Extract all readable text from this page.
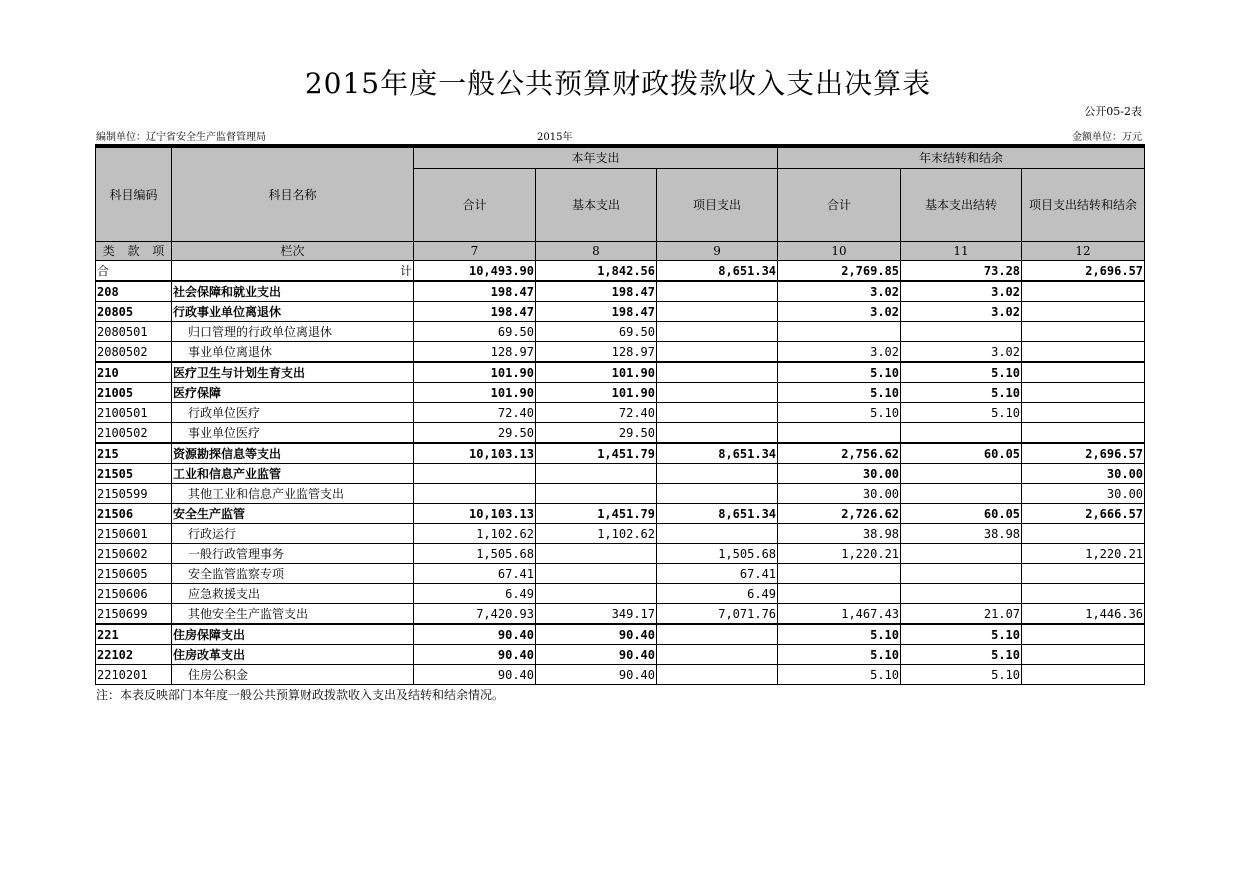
2015年度一般公共预算财政拨款收入支出决算表
公开05-2表
编制单位：辽宁省安全生产监督管理局	2015年	金额单位：万元
科目编码	科目名称	本年支出			年末结转和结余		
		合计	基本支出	项目支出	合计	基本支出结转	项目支出结转和结余
类 款 项	栏次	7	8	9	10	11	12

合	计	10,493.90	1,842.56	8,651.34	2,769.85	73.28	2,696.57
208	社会保障和就业支出	198.47	198.47		3.02	3.02	
20805	行政事业单位离退休	198.47	198.47		3.02	3.02	
2080501	归口管理的行政单位离退休	69.50	69.50				
2080502	事业单位离退休	128.97	128.97		3.02	3.02	
210	医疗卫生与计划生育支出	101.90	101.90		5.10	5.10	
21005	医疗保障	101.90	101.90		5.10	5.10	
2100501	行政单位医疗	72.40	72.40		5.10	5.10	
2100502	事业单位医疗	29.50	29.50				
215	资源勘探信息等支出	10,103.13	1,451.79	8,651.34	2,756.62	60.05	2,696.57
21505	工业和信息产业监管				30.00		30.00
2150599	其他工业和信息产业监管支出				30.00		30.00
21506	安全生产监管	10,103.13	1,451.79	8,651.34	2,726.62	60.05	2,666.57
2150601	行政运行	1,102.62	1,102.62		38.98	38.98	
2150602	一般行政管理事务	1,505.68		1,505.68	1,220.21		1,220.21
2150605	安全监管监察专项	67.41		67.41			
2150606	应急救援支出	6.49		6.49			
2150699	其他安全生产监管支出	7,420.93	349.17	7,071.76	1,467.43	21.07	1,446.36
221	住房保障支出	90.40	90.40		5.10	5.10	
22102	住房改革支出	90.40	90.40		5.10	5.10	
2210201	住房公积金	90.40	90.40		5.10	5.10	
注：本表反映部门本年度一般公共预算财政拨款收入支出及结转和结余情况。
